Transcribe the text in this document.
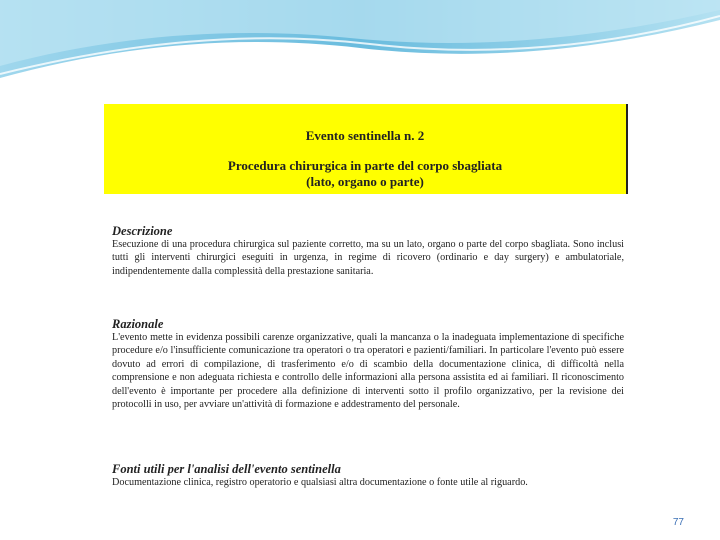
Evento sentinella n. 2
Procedura chirurgica in parte del corpo sbagliata
(lato, organo o parte)
Descrizione

Esecuzione di una procedura chirurgica sul paziente corretto, ma su un lato, organo o parte del corpo sbagliata. Sono inclusi tutti gli interventi chirurgici eseguiti in urgenza, in regime di ricovero (ordinario e day surgery) e ambulatoriale, indipendentemente dalla complessità della prestazione sanitaria.

Razionale

L'evento mette in evidenza possibili carenze organizzative, quali la mancanza o la inadeguata implementazione di specifiche procedure e/o l'insufficiente comunicazione tra operatori o tra operatori e pazienti/familiari. In particolare l'evento può essere dovuto ad errori di compilazione, di trasferimento e/o di scambio della documentazione clinica, di difficoltà nella comprensione e non adeguata richiesta e controllo delle informazioni alla persona assistita ed ai familiari. Il riconoscimento dell'evento è importante per procedere alla definizione di interventi sotto il profilo organizzativo, per la revisione dei protocolli in uso, per avviare un'attività di formazione e addestramento del personale.

Fonti utili per l'analisi dell'evento sentinella

Documentazione clinica, registro operatorio e qualsiasi altra documentazione o fonte utile al riguardo.

77
